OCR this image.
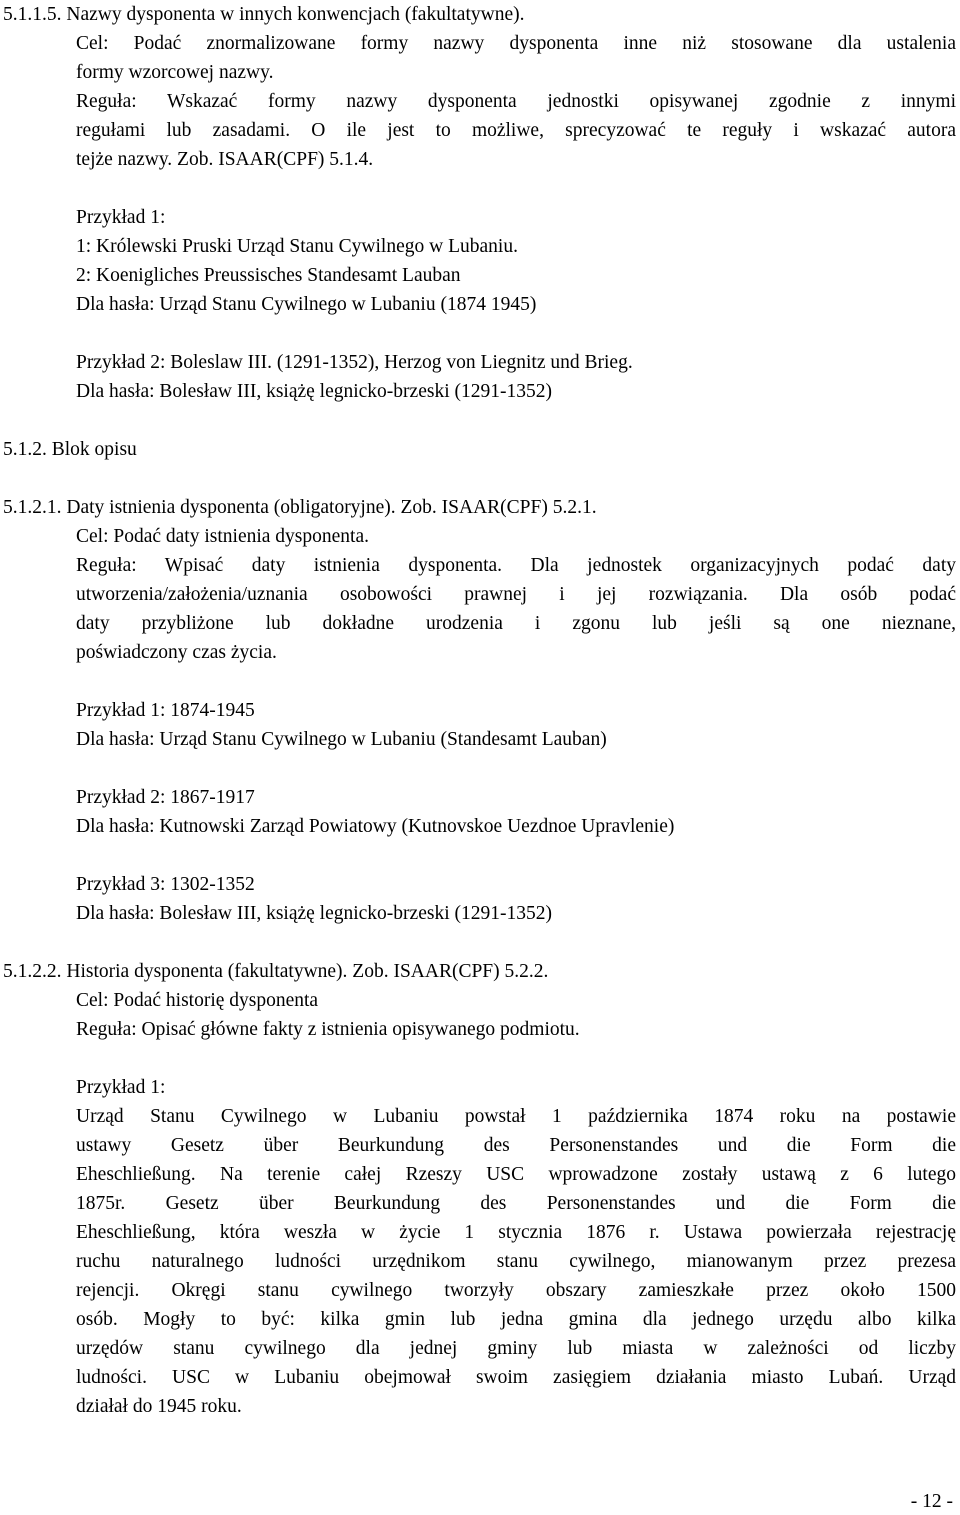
5.1.1.5. Nazwy dysponenta w innych konwencjach (fakultatywne).
Cel: Podać znormalizowane formy nazwy dysponenta inne niż stosowane dla ustalenia
formy wzorcowej nazwy.
Reguła: Wskazać formy nazwy dysponenta jednostki opisywanej zgodnie z innymi
regułami lub zasadami. O ile jest to możliwe, sprecyzować te reguły i wskazać autora
tejże nazwy. Zob. ISAAR(CPF) 5.1.4.
Przykład 1:
1: Królewski Pruski Urząd Stanu Cywilnego w Lubaniu.
2: Koenigliches Preussisches Standesamt Lauban
Dla hasła: Urząd Stanu Cywilnego w Lubaniu (1874 1945)
Przykład 2: Boleslaw III. (1291-1352), Herzog von Liegnitz und Brieg.
Dla hasła: Bolesław III, książę legnicko-brzeski (1291-1352)
5.1.2. Blok opisu
5.1.2.1. Daty istnienia dysponenta (obligatoryjne). Zob. ISAAR(CPF) 5.2.1.
Cel: Podać daty istnienia dysponenta.
Reguła: Wpisać daty istnienia dysponenta. Dla jednostek organizacyjnych podać daty
utworzenia/założenia/uznania osobowości prawnej i jej rozwiązania. Dla osób podać
daty przybliżone lub dokładne urodzenia i zgonu lub jeśli są one nieznane,
poświadczony czas życia.
Przykład 1: 1874-1945
Dla hasła: Urząd Stanu Cywilnego w Lubaniu (Standesamt Lauban)
Przykład 2: 1867-1917
Dla hasła: Kutnowski Zarząd Powiatowy (Kutnovskoe Uezdnoe Upravlenie)
Przykład 3: 1302-1352
Dla hasła: Bolesław III, książę legnicko-brzeski (1291-1352)
5.1.2.2. Historia dysponenta (fakultatywne). Zob. ISAAR(CPF) 5.2.2.
Cel: Podać historię dysponenta
Reguła: Opisać główne fakty z istnienia opisywanego podmiotu.
Przykład 1:
Urząd Stanu Cywilnego w Lubaniu powstał 1 października 1874 roku na postawie
ustawy Gesetz über Beurkundung des Personenstandes und die Form die
Eheschließung. Na terenie całej Rzeszy USC wprowadzone zostały ustawą z 6 lutego
1875r. Gesetz über Beurkundung des Personenstandes und die Form die
Eheschließung, która weszła w życie 1 stycznia 1876 r. Ustawa powierzała rejestrację
ruchu naturalnego ludności urzędnikom stanu cywilnego, mianowanym przez prezesa
rejencji. Okręgi stanu cywilnego tworzyły obszary zamieszkałe przez około 1500
osób. Mogły to być: kilka gmin lub jedna gmina dla jednego urzędu albo kilka
urzędów stanu cywilnego dla jednej gminy lub miasta w zależności od liczby
ludności. USC w Lubaniu obejmował swoim zasięgiem działania miasto Lubań. Urząd
działał do 1945 roku.
- 12 -
